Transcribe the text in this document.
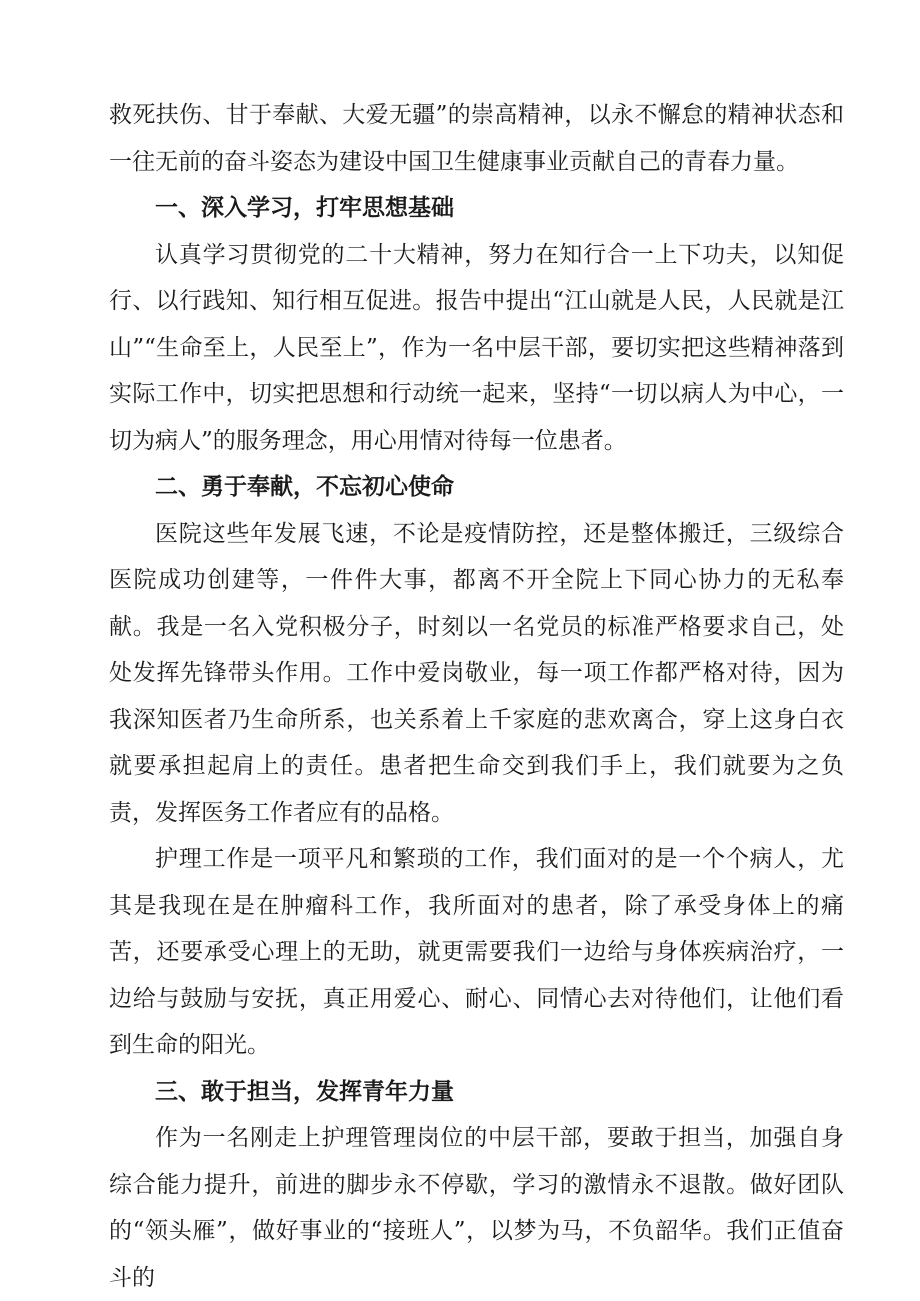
救死扶伤、甘于奉献、大爱无疆”的崇高精神，以永不懈怠的精神状态和一往无前的奋斗姿态为建设中国卫生健康事业贡献自己的青春力量。

一、深入学习，打牢思想基础

认真学习贯彻党的二十大精神，努力在知行合一上下功夫，以知促行、以行践知、知行相互促进。报告中提出“江山就是人民，人民就是江山”“生命至上，人民至上”，作为一名中层干部，要切实把这些精神落到实际工作中，切实把思想和行动统一起来，坚持“一切以病人为中心，一切为病人”的服务理念，用心用情对待每一位患者。

二、勇于奉献，不忘初心使命

医院这些年发展飞速，不论是疫情防控，还是整体搬迁，三级综合医院成功创建等，一件件大事，都离不开全院上下同心协力的无私奉献。我是一名入党积极分子，时刻以一名党员的标准严格要求自己，处处发挥先锋带头作用。工作中爱岗敬业，每一项工作都严格对待，因为我深知医者乃生命所系，也关系着上千家庭的悲欢离合，穿上这身白衣就要承担起肩上的责任。患者把生命交到我们手上，我们就要为之负责，发挥医务工作者应有的品格。

护理工作是一项平凡和繁琐的工作，我们面对的是一个个病人，尤其是我现在是在肿瘤科工作，我所面对的患者，除了承受身体上的痛苦，还要承受心理上的无助，就更需要我们一边给与身体疾病治疗，一边给与鼓励与安抚，真正用爱心、耐心、同情心去对待他们，让他们看到生命的阳光。

三、敢于担当，发挥青年力量

作为一名刚走上护理管理岗位的中层干部，要敢于担当，加强自身综合能力提升，前进的脚步永不停歇，学习的激情永不退散。做好团队的“领头雁”，做好事业的“接班人”，以梦为马，不负韶华。我们正值奋斗的
